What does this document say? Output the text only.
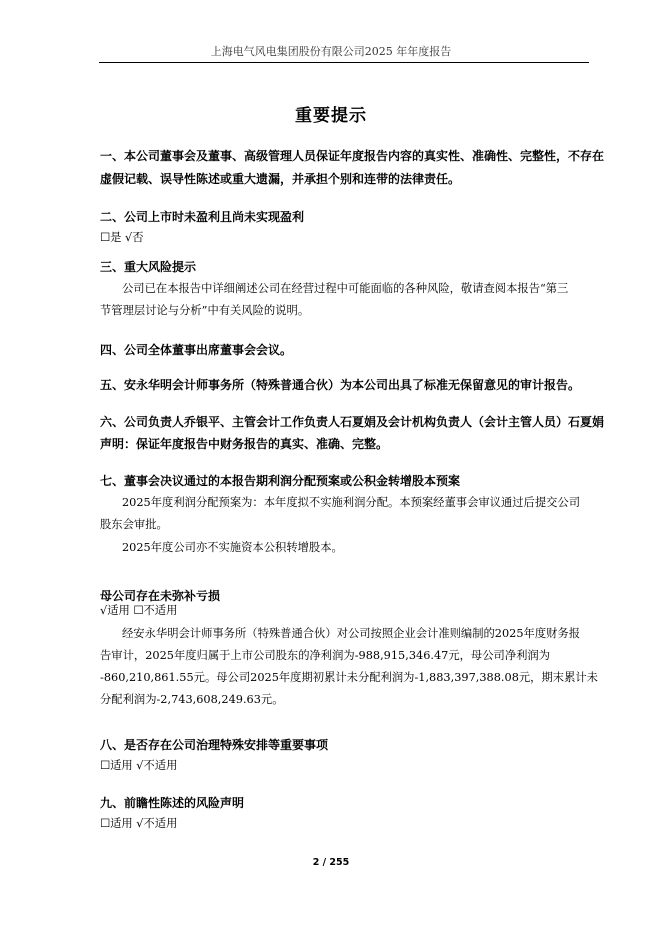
上海电气风电集团股份有限公司2025 年年度报告
重要提示
一、本公司董事会及董事、高级管理人员保证年度报告内容的真实性、准确性、完整性，不存在
虚假记载、误导性陈述或重大遗漏，并承担个别和连带的法律责任。
二、公司上市时未盈利且尚未实现盈利
☐是 √否
三、重大风险提示
公司已在本报告中详细阐述公司在经营过程中可能面临的各种风险，敬请查阅本报告“第三
节管理层讨论与分析”中有关风险的说明。
四、公司全体董事出席董事会会议。
五、安永华明会计师事务所（特殊普通合伙）为本公司出具了标准无保留意见的审计报告。
六、公司负责人乔银平、主管会计工作负责人石夏娟及会计机构负责人（会计主管人员）石夏娟
声明：保证年度报告中财务报告的真实、准确、完整。
七、董事会决议通过的本报告期利润分配预案或公积金转增股本预案
2025年度利润分配预案为：本年度拟不实施利润分配。本预案经董事会审议通过后提交公司
股东会审批。
2025年度公司亦不实施资本公积转增股本。
母公司存在未弥补亏损
√适用 ☐不适用
经安永华明会计师事务所（特殊普通合伙）对公司按照企业会计准则编制的2025年度财务报
告审计，2025年度归属于上市公司股东的净利润为-988,915,346.47元，母公司净利润为
-860,210,861.55元。母公司2025年度期初累计未分配利润为-1,883,397,388.08元，期末累计未
分配利润为-2,743,608,249.63元。
八、是否存在公司治理特殊安排等重要事项
☐适用 √不适用
九、前瞻性陈述的风险声明
☐适用 √不适用
2 / 255
